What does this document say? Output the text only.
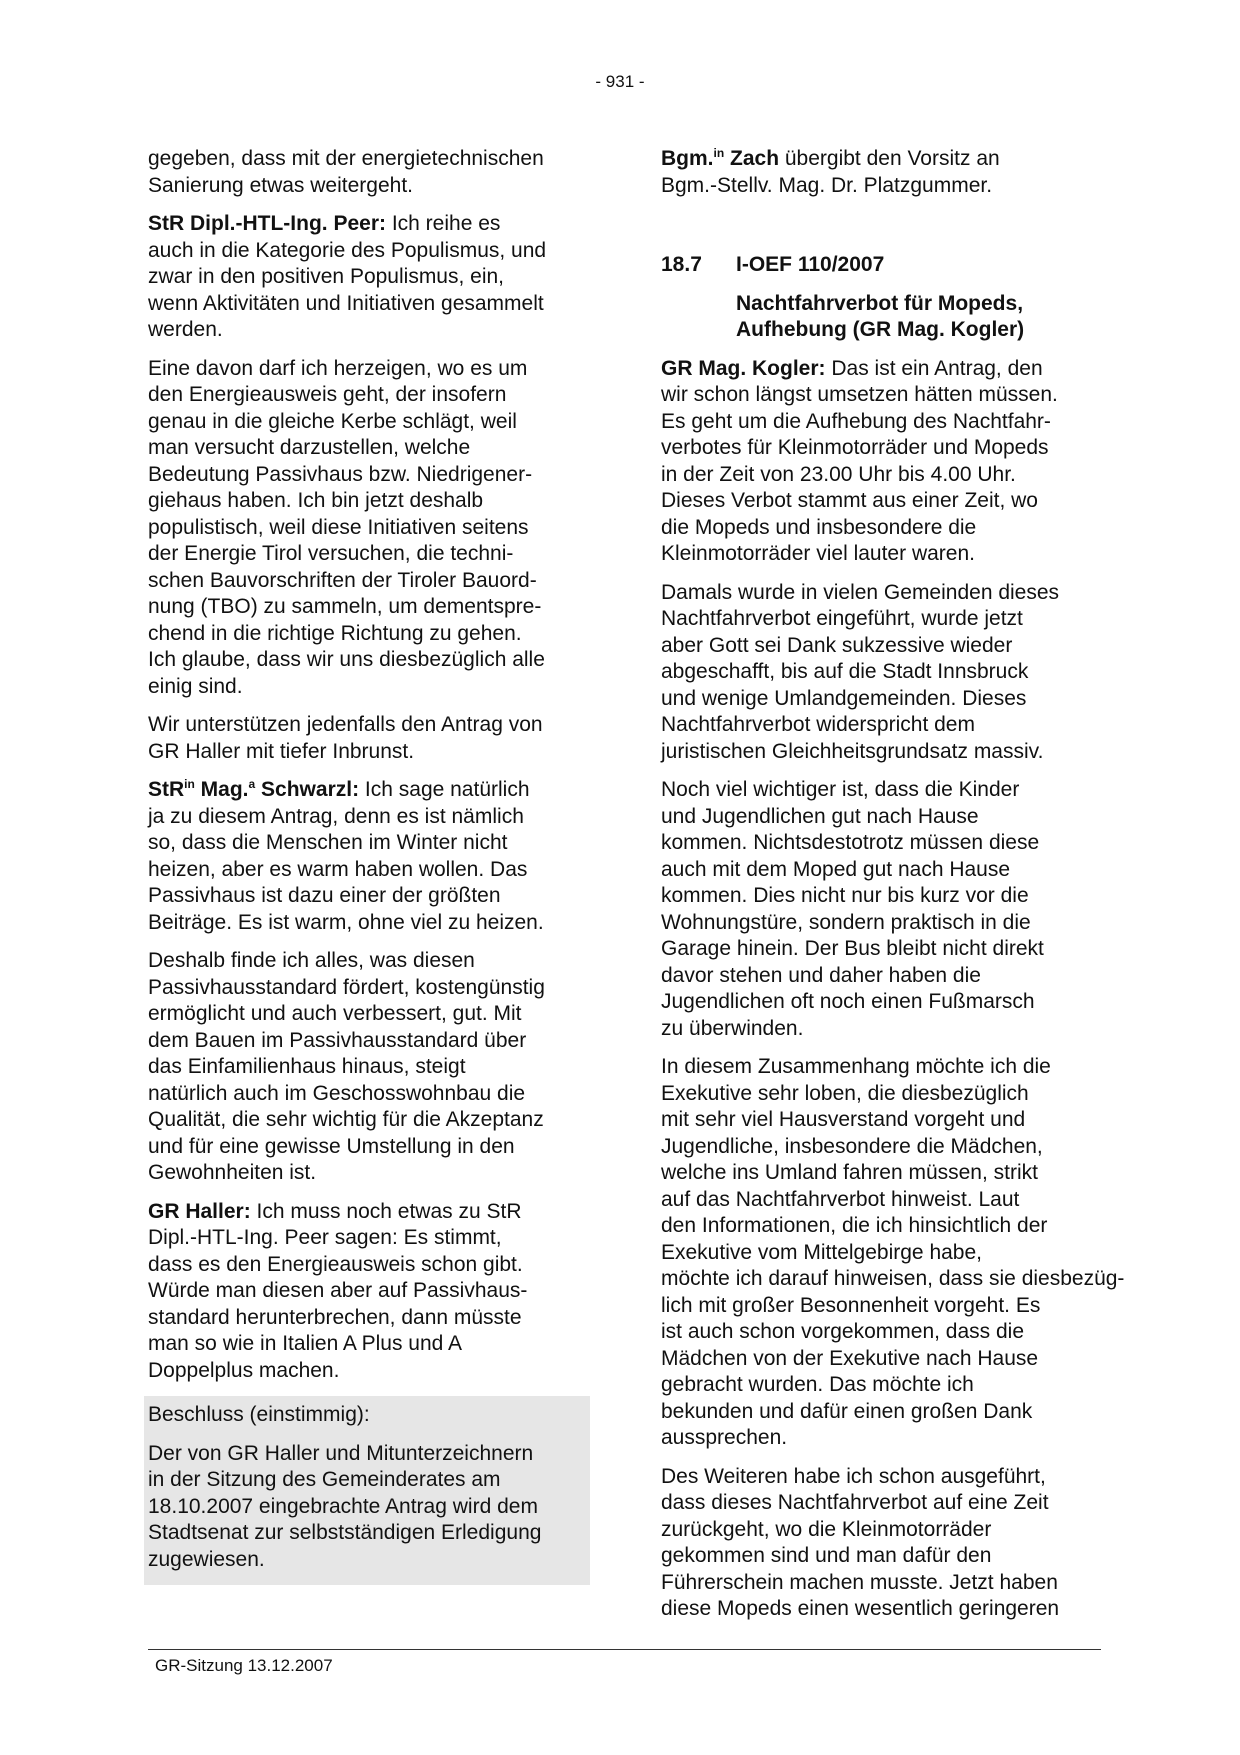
- 931 -

gegeben, dass mit der energietechnischen
Sanierung etwas weitergeht.

StR Dipl.-HTL-Ing. Peer: Ich reihe es
auch in die Kategorie des Populismus, und
zwar in den positiven Populismus, ein,
wenn Aktivitäten und Initiativen gesammelt
werden.

Eine davon darf ich herzeigen, wo es um
den Energieausweis geht, der insofern
genau in die gleiche Kerbe schlägt, weil
man versucht darzustellen, welche
Bedeutung Passivhaus bzw. Niedrigener-
giehaus haben. Ich bin jetzt deshalb
populistisch, weil diese Initiativen seitens
der Energie Tirol versuchen, die techni-
schen Bauvorschriften der Tiroler Bauord-
nung (TBO) zu sammeln, um dementspre-
chend in die richtige Richtung zu gehen.
Ich glaube, dass wir uns diesbezüglich alle
einig sind.

Wir unterstützen jedenfalls den Antrag von
GR Haller mit tiefer Inbrunst.

StR$^{in}$ Mag.$^a$ Schwarzl: Ich sage natürlich
ja zu diesem Antrag, denn es ist nämlich
so, dass die Menschen im Winter nicht
heizen, aber es warm haben wollen. Das
Passivhaus ist dazu einer der größten
Beiträge. Es ist warm, ohne viel zu heizen.

Deshalb finde ich alles, was diesen
Passivhausstandard fördert, kostengünstig
ermöglicht und auch verbessert, gut. Mit
dem Bauen im Passivhausstandard über
das Einfamilienhaus hinaus, steigt
natürlich auch im Geschosswohnbau die
Qualität, die sehr wichtig für die Akzeptanz
und für eine gewisse Umstellung in den
Gewohnheiten ist.

GR Haller: Ich muss noch etwas zu StR
Dipl.-HTL-Ing. Peer sagen: Es stimmt,
dass es den Energieausweis schon gibt.
Würde man diesen aber auf Passivhaus-
standard herunterbrechen, dann müsste
man so wie in Italien A Plus und A
Doppelplus machen.

Beschluss (einstimmig):
Der von GR Haller und Mitunterzeichnern
in der Sitzung des Gemeinderates am
18.10.2007 eingebrachte Antrag wird dem
Stadtsenat zur selbstständigen Erledigung
zugewiesen.

Bgm.$^{in}$ Zach übergibt den Vorsitz an
Bgm.-Stellv. Mag. Dr. Platzgummer.

18.7 I-OEF 110/2007
Nachtfahrverbot für Mopeds,
Aufhebung (GR Mag. Kogler)

GR Mag. Kogler: Das ist ein Antrag, den
wir schon längst umsetzen hätten müssen.
Es geht um die Aufhebung des Nachtfahr-
verbotes für Kleinmotorräder und Mopeds
in der Zeit von 23.00 Uhr bis 4.00 Uhr.
Dieses Verbot stammt aus einer Zeit, wo
die Mopeds und insbesondere die
Kleinmotorräder viel lauter waren.

Damals wurde in vielen Gemeinden dieses
Nachtfahrverbot eingeführt, wurde jetzt
aber Gott sei Dank sukzessive wieder
abgeschafft, bis auf die Stadt Innsbruck
und wenige Umlandgemeinden. Dieses
Nachtfahrverbot widerspricht dem
juristischen Gleichheitsgrundsatz massiv.

Noch viel wichtiger ist, dass die Kinder
und Jugendlichen gut nach Hause
kommen. Nichtsdestotrotz müssen diese
auch mit dem Moped gut nach Hause
kommen. Dies nicht nur bis kurz vor die
Wohnungstüre, sondern praktisch in die
Garage hinein. Der Bus bleibt nicht direkt
davor stehen und daher haben die
Jugendlichen oft noch einen Fußmarsch
zu überwinden.

In diesem Zusammenhang möchte ich die
Exekutive sehr loben, die diesbezüglich
mit sehr viel Hausverstand vorgeht und
Jugendliche, insbesondere die Mädchen,
welche ins Umland fahren müssen, strikt
auf das Nachtfahrverbot hinweist. Laut
den Informationen, die ich hinsichtlich der
Exekutive vom Mittelgebirge habe,
möchte ich darauf hinweisen, dass sie diesbezüg-
lich mit großer Besonnenheit vorgeht. Es
ist auch schon vorgekommen, dass die
Mädchen von der Exekutive nach Hause
gebracht wurden. Das möchte ich
bekunden und dafür einen großen Dank
aussprechen.

Des Weiteren habe ich schon ausgeführt,
dass dieses Nachtfahrverbot auf eine Zeit
zurückgeht, wo die Kleinmotorräder
gekommen sind und man dafür den
Führerschein machen musste. Jetzt haben
diese Mopeds einen wesentlich geringeren

GR-Sitzung 13.12.2007
